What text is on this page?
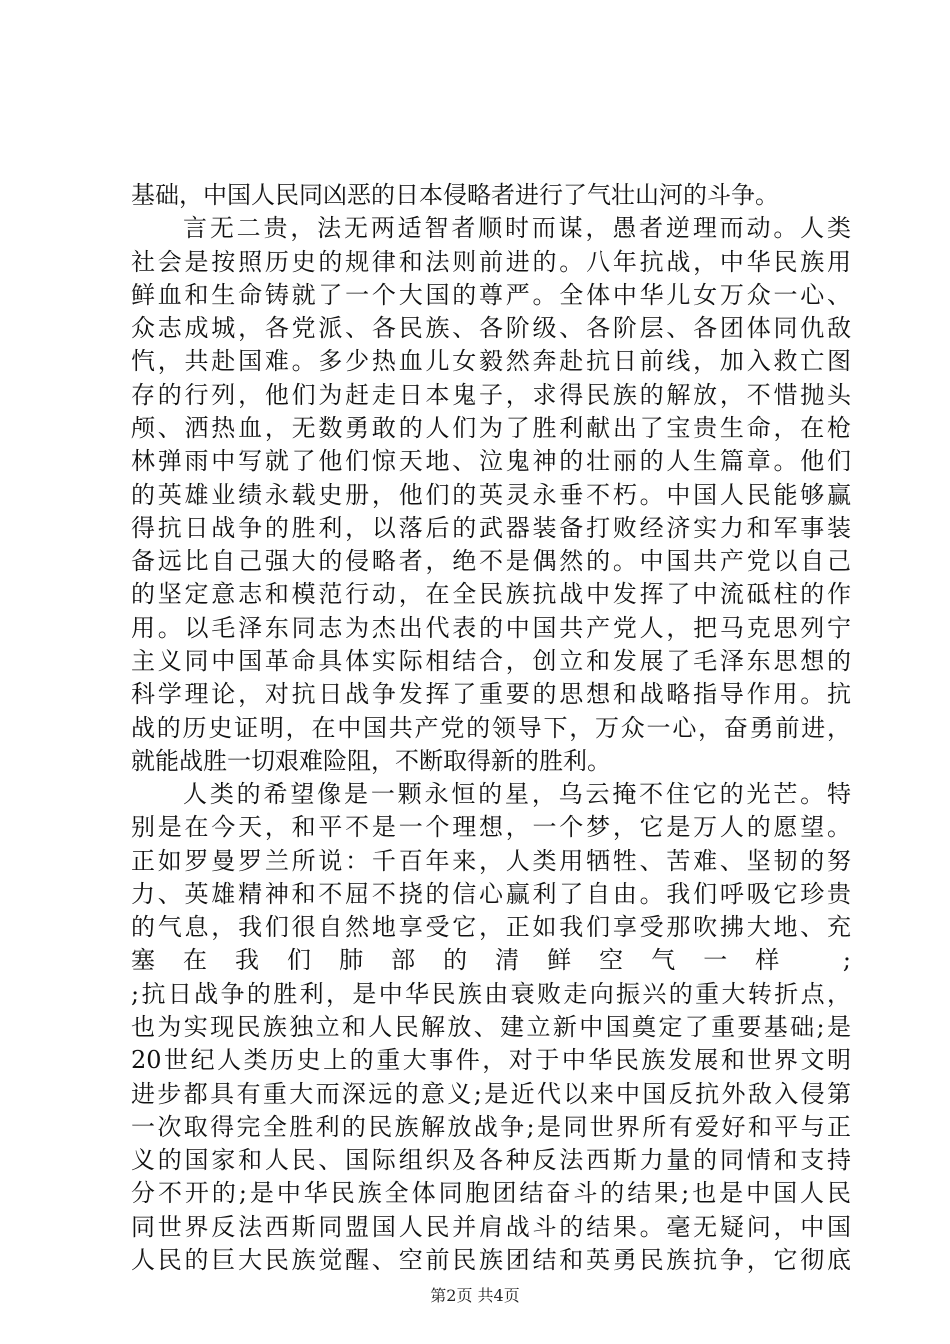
基础，中国人民同凶恶的日本侵略者进行了气壮山河的斗争。
言无二贵，法无两适智者顺时而谋，愚者逆理而动。人类
社会是按照历史的规律和法则前进的。八年抗战，中华民族用
鲜血和生命铸就了一个大国的尊严。全体中华儿女万众一心、
众志成城，各党派、各民族、各阶级、各阶层、各团体同仇敌
忾，共赴国难。多少热血儿女毅然奔赴抗日前线，加入救亡图
存的行列，他们为赶走日本鬼子，求得民族的解放，不惜抛头
颅、洒热血，无数勇敢的人们为了胜利献出了宝贵生命，在枪
林弹雨中写就了他们惊天地、泣鬼神的壮丽的人生篇章。他们
的英雄业绩永载史册，他们的英灵永垂不朽。中国人民能够赢
得抗日战争的胜利，以落后的武器装备打败经济实力和军事装
备远比自己强大的侵略者，绝不是偶然的。中国共产党以自己
的坚定意志和模范行动，在全民族抗战中发挥了中流砥柱的作
用。以毛泽东同志为杰出代表的中国共产党人，把马克思列宁
主义同中国革命具体实际相结合，创立和发展了毛泽东思想的
科学理论，对抗日战争发挥了重要的思想和战略指导作用。抗
战的历史证明，在中国共产党的领导下，万众一心，奋勇前进，
就能战胜一切艰难险阻，不断取得新的胜利。
人类的希望像是一颗永恒的星，乌云掩不住它的光芒。特
别是在今天，和平不是一个理想，一个梦，它是万人的愿望。
正如罗曼罗兰所说：千百年来，人类用牺牲、苦难、坚韧的努
力、英雄精神和不屈不挠的信心赢利了自由。我们呼吸它珍贵
的气息，我们很自然地享受它，正如我们享受那吹拂大地、充
塞在我们肺部的清鲜空气一样 ;
;抗日战争的胜利，是中华民族由衰败走向振兴的重大转折点，
也为实现民族独立和人民解放、建立新中国奠定了重要基础;是
20世纪人类历史上的重大事件，对于中华民族发展和世界文明
进步都具有重大而深远的意义;是近代以来中国反抗外敌入侵第
一次取得完全胜利的民族解放战争;是同世界所有爱好和平与正
义的国家和人民、国际组织及各种反法西斯力量的同情和支持
分不开的;是中华民族全体同胞团结奋斗的结果;也是中国人民
第2页 共4页
同世界反法西斯同盟国人民并肩战斗的结果。毫无疑问，中国
人民的巨大民族觉醒、空前民族团结和英勇民族抗争，它彻底
